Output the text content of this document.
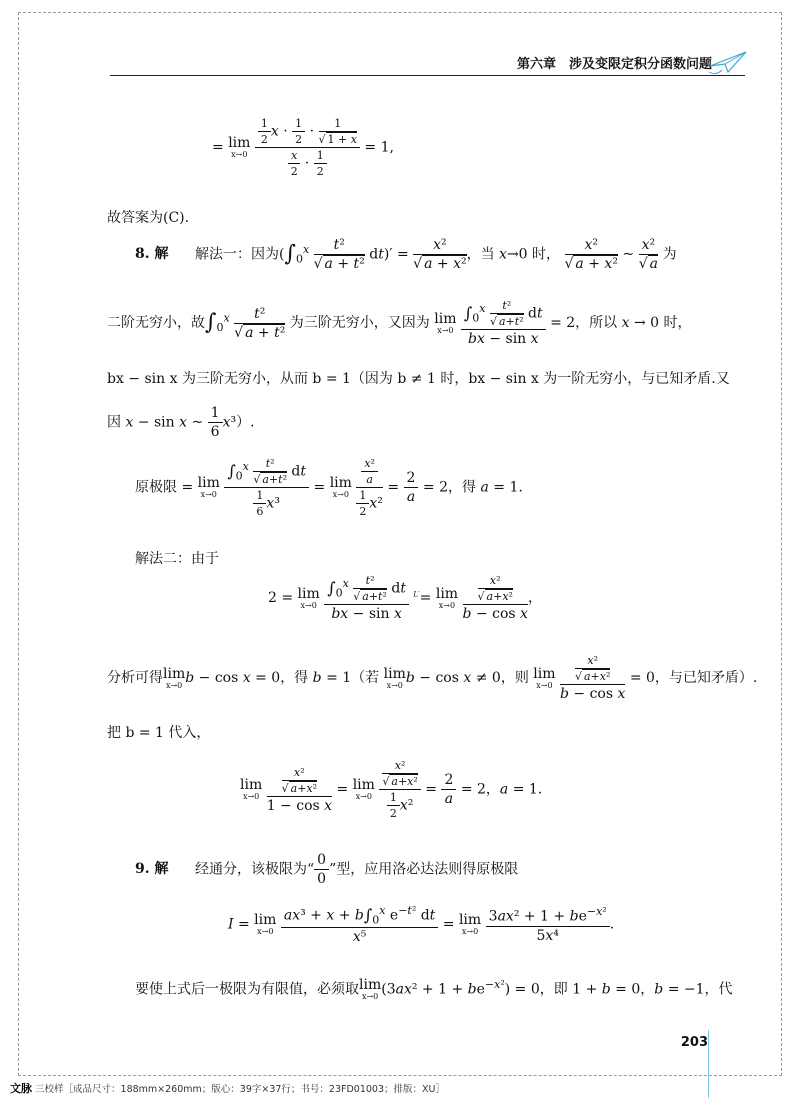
第六章　涉及变限定积分函数问题
= lim
x→0
$\frac{\frac{1}{2} x \cdot \frac{1}{2} \cdot \frac{1}{√ 1 + x}}{\frac{x}{2} \cdot \frac{1}{2}} = 1$,
故答案为(C).
8. 解 解法一：因为$(\int_0^x \frac{\text{t²}}{\text{√ a + t²}} dt)' = \frac{\text{x²}}{\text{√ a + x²}}$ ，当 x→0 时， $\frac{\text{x²}}{\text{√ a + x²}}$ ~ $\frac{\text{x²}}{√ a}$ 为
二阶无穷小，故$\int_0^x \frac{\text{t²}}{\text{√ a + t²}}$ 为三阶无穷小，又因为 lim
x→0
$\frac{\int_0^x \frac{\text{t²}}{\text{√ a+t²}} dt}{\text{bx − sin x}} = 2$，所以 x → 0 时，
bx − sin x 为三阶无穷小，从而 b = 1（因为 b ≠ 1 时，bx − sin x 为一阶无穷小，与已知矛盾.又
因 x − sin x ~ $\frac{1}{6} x^3$）.
原极限 = lim
x→0
$\frac{\int_0^x \frac{\text{t²}}{\text{√ a+t²}} dt}{\frac{1}{6} x^3} = \lim$
x→0
$\frac{\frac{\text{x²}}{a}}{\frac{1}{2} x^2} = \frac{2}{a} = 2$，得 a = 1.
解法二：由于
2 = lim
x→0
$\frac{\int_0^x \frac{\text{t²}}{\text{√ a+t²}} dt}{\text{bx − sin x}} ^{L'}= \lim$
x→0
$\frac{\frac{\text{x²}}{\text{√ a+x²}}}{\text{b − cos x}}$ ，
分析可得lim
x→0 b − cos x = 0，得 b = 1（若 lim
x→0 b − cos x ≠ 0，则 lim
x→0
$\frac{\frac{\text{x²}}{\text{√ a+x²}}}{\text{b − cos x}} = 0$，与已知矛盾）.
把 b = 1 代入，
lim
x→0
$\frac{\frac{\text{x²}}{\text{√ a+x²}}}{\text{1 − cos x}} = \lim$
x→0
$\frac{\frac{\text{x²}}{\text{√ a+x²}}}{\frac{1}{2} x^2} = \frac{2}{a} = 2$，a = 1.
9. 解 经通分，该极限为“ $\frac{0}{0}$ ”型，应用洛必达法则得原极限
I = lim
x→0
$\frac{ax^3 + x + b\int_0^x e^{-t^2} dt}{\text{x⁵}} = \lim$
x→0
$\frac{3ax^2 + 1 + be^{-x^2}}{\text{5x⁴}}$ .
要使上式后一极限为有限值，必须取lim
x→0 $(3ax^2 + 1 + be^{-x^2}) = 0$，即 1 + b = 0，b = −1，代
203
文脉 三校样［成品尺寸：188mm×260mm；版心：39字×37行；书号：23FD01003；排版：XU］
